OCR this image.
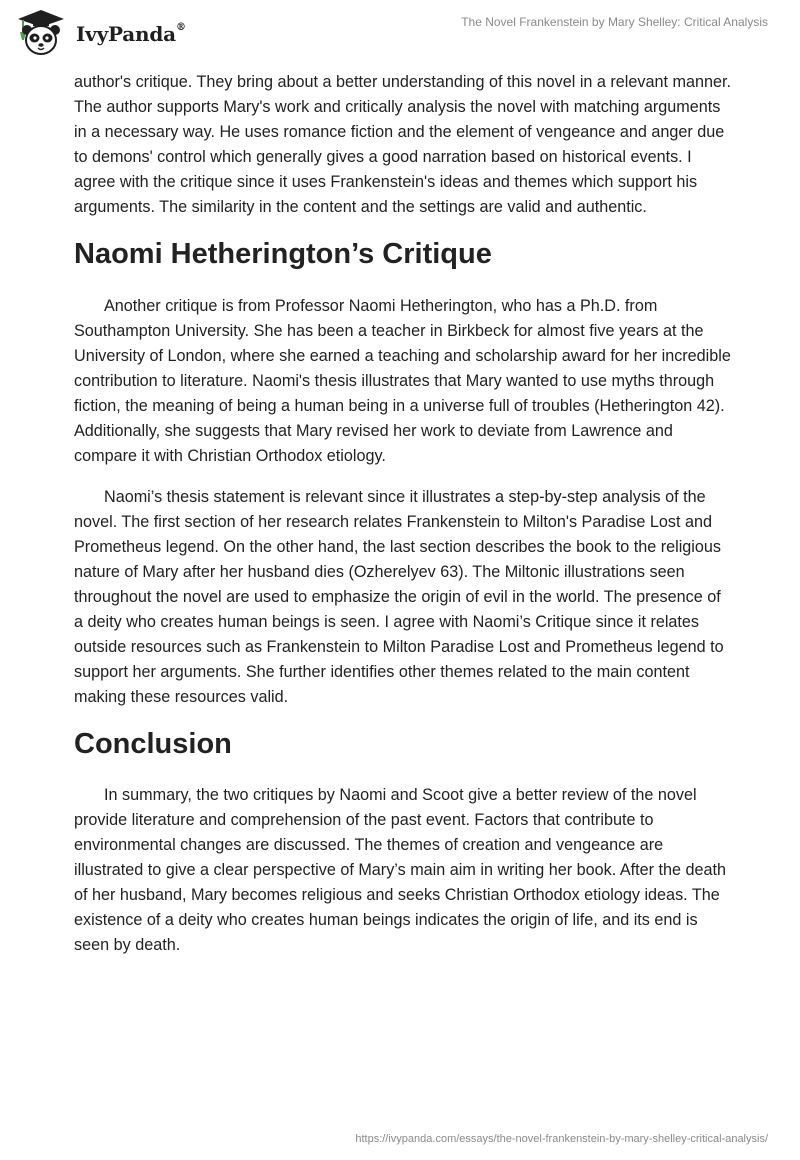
IvyPanda®	The Novel Frankenstein by Mary Shelley: Critical Analysis

author's critique. They bring about a better understanding of this novel in a relevant manner. The author supports Mary's work and critically analysis the novel with matching arguments in a necessary way. He uses romance fiction and the element of vengeance and anger due to demons' control which generally gives a good narration based on historical events. I agree with the critique since it uses Frankenstein's ideas and themes which support his arguments. The similarity in the content and the settings are valid and authentic.

Naomi Hetherington’s Critique

Another critique is from Professor Naomi Hetherington, who has a Ph.D. from Southampton University. She has been a teacher in Birkbeck for almost five years at the University of London, where she earned a teaching and scholarship award for her incredible contribution to literature. Naomi's thesis illustrates that Mary wanted to use myths through fiction, the meaning of being a human being in a universe full of troubles (Hetherington 42). Additionally, she suggests that Mary revised her work to deviate from Lawrence and compare it with Christian Orthodox etiology.

Naomi’s thesis statement is relevant since it illustrates a step-by-step analysis of the novel. The first section of her research relates Frankenstein to Milton's Paradise Lost and Prometheus legend. On the other hand, the last section describes the book to the religious nature of Mary after her husband dies (Ozherelyev 63). The Miltonic illustrations seen throughout the novel are used to emphasize the origin of evil in the world. The presence of a deity who creates human beings is seen. I agree with Naomi’s Critique since it relates outside resources such as Frankenstein to Milton Paradise Lost and Prometheus legend to support her arguments. She further identifies other themes related to the main content making these resources valid.

Conclusion

In summary, the two critiques by Naomi and Scoot give a better review of the novel provide literature and comprehension of the past event. Factors that contribute to environmental changes are discussed. The themes of creation and vengeance are illustrated to give a clear perspective of Mary’s main aim in writing her book. After the death of her husband, Mary becomes religious and seeks Christian Orthodox etiology ideas. The existence of a deity who creates human beings indicates the origin of life, and its end is seen by death.

https://ivypanda.com/essays/the-novel-frankenstein-by-mary-shelley-critical-analysis/
